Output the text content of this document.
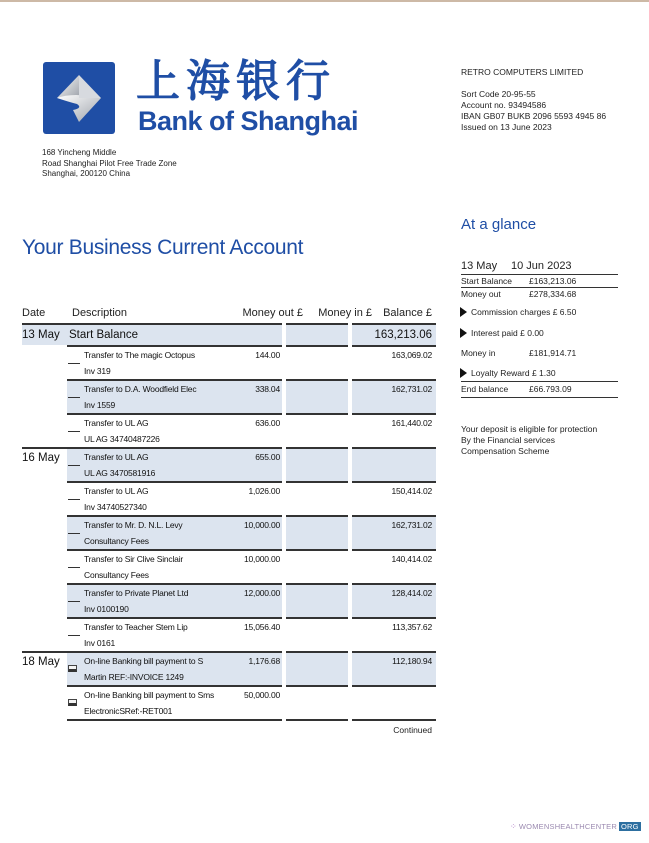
上海银行
Bank of Shanghai
168 Yincheng Middle
Road Shanghai Pilot Free Trade Zone
Shanghai, 200120 China
RETRO COMPUTERS LIMITED
Sort Code 20-95-55
Account no. 93494586
IBAN GB07 BUKB 2096 5593 4945 86
Issued on 13 June 2023
Your Business Current Account
At a glance
13 May	10 Jun 2023
Start Balance	£163,213.06
Money out	£278,334.68
Commission charges £ 6.50
Interest paid £ 0.00
Money in	£181,914.71
Loyalty Reward £ 1.30
End balance	£66.793.09
Your deposit is eligible for protection
By the Financial services
Compensation Scheme
Date Description	Money out £ Money in £ Balance £
13 May Start Balance	163,213.06
Transfer to The magic Octopus
Inv 319
144.00	163,069.02
Transfer to D.A. Woodfield Elec
Inv 1559
338.04	162,731.02
Transfer to UL AG
UL AG 34740487226
636.00	161,440.02
16 May	Transfer to UL AG
UL AG 3470581916
655.00
Transfer to UL AG
Inv 34740527340
1,026.00	150,414.02
Transfer to Mr. D. N.L. Levy
Consultancy Fees
10,000.00	162,731.02
Transfer to Sir Clive Sinclair
Consultancy Fees
10,000.00	140,414.02
Transfer to Private Planet Ltd
Inv 0100190
12,000.00	128,414.02
Transfer to Teacher Stem Lip
Inv 0161
15,056.40	113,357.62
18 May	On-line Banking bill payment to S
Martin REF:-INVOICE 1249
1,176.68	112,180.94
On-line Banking bill payment to Sms
ElectronicSRef:-RET001
50,000.00
Continued
⁘ WOMENSHEALTHCENTER ORG
